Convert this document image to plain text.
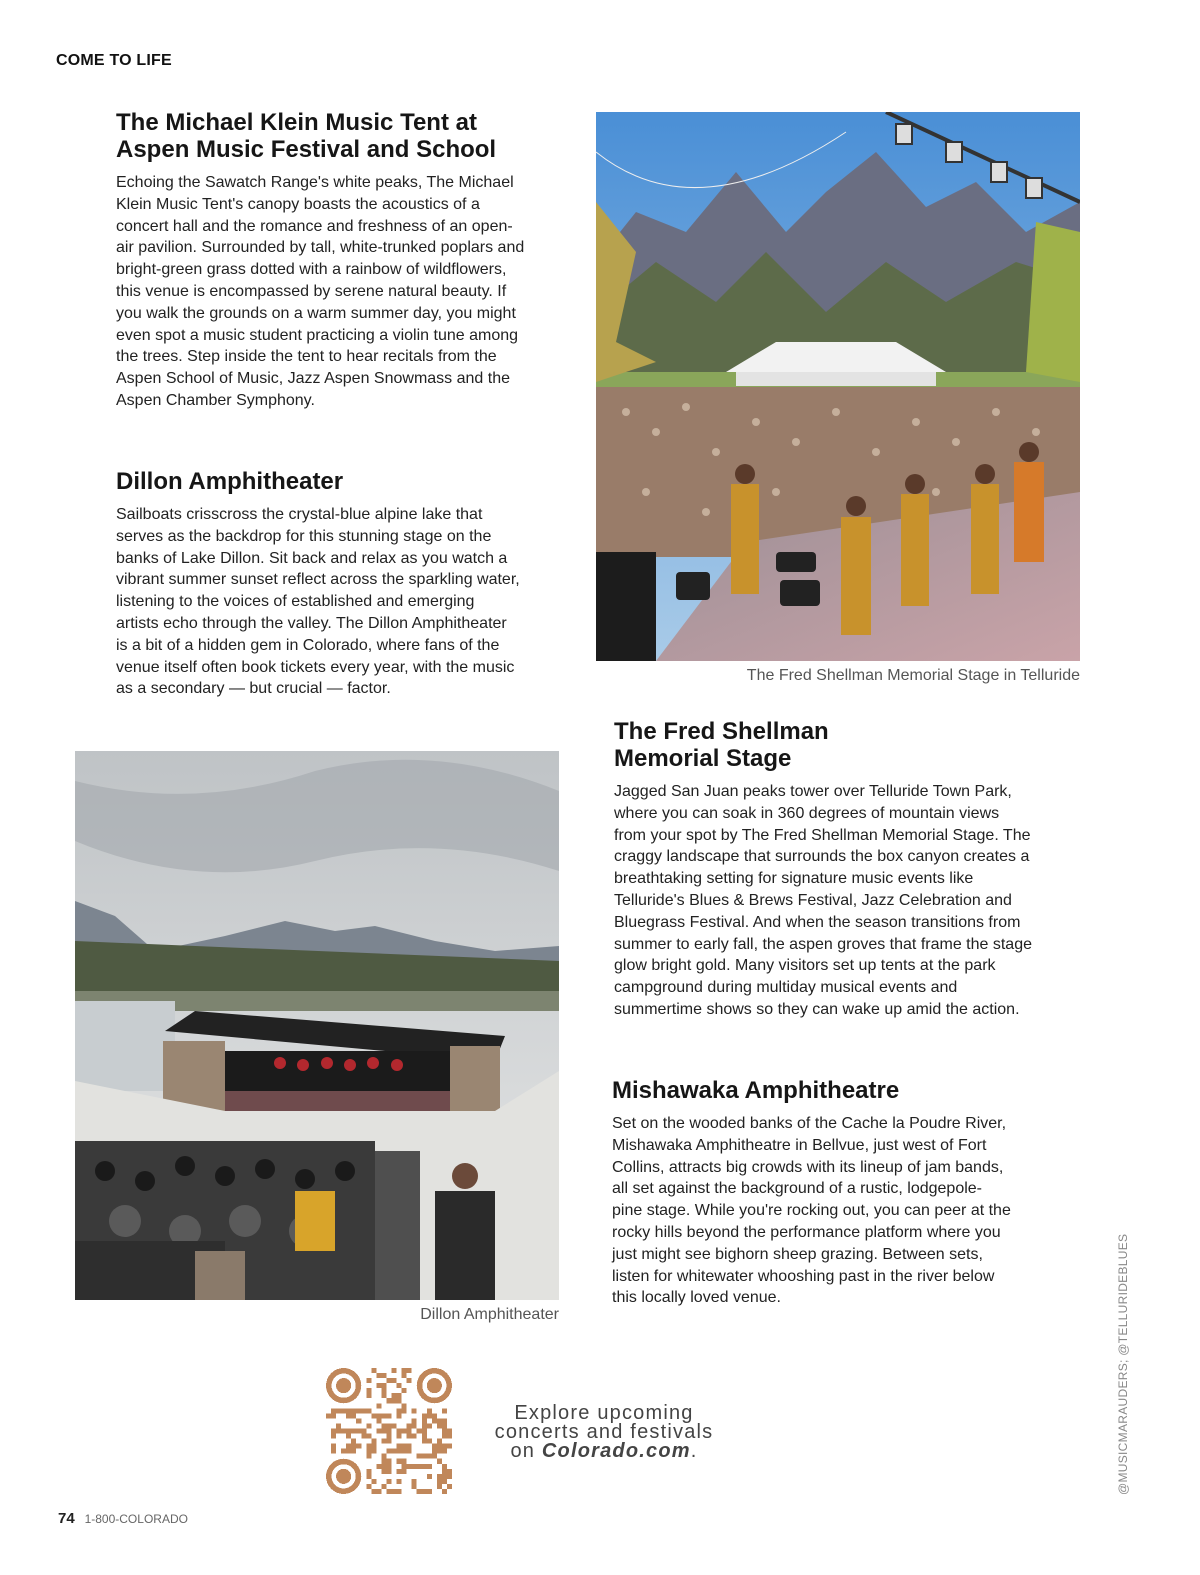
COME TO LIFE
The Michael Klein Music Tent at Aspen Music Festival and School

Echoing the Sawatch Range's white peaks, The Michael Klein Music Tent's canopy boasts the acoustics of a concert hall and the romance and freshness of an open-air pavilion. Surrounded by tall, white-trunked poplars and bright-green grass dotted with a rainbow of wildflowers, this venue is encompassed by serene natural beauty. If you walk the grounds on a warm summer day, you might even spot a music student practicing a violin tune among the trees. Step inside the tent to hear recitals from the Aspen School of Music, Jazz Aspen Snowmass and the Aspen Chamber Symphony.

Dillon Amphitheater

Sailboats crisscross the crystal-blue alpine lake that serves as the backdrop for this stunning stage on the banks of Lake Dillon. Sit back and relax as you watch a vibrant summer sunset reflect across the sparkling water, listening to the voices of established and emerging artists echo through the valley. The Dillon Amphitheater is a bit of a hidden gem in Colorado, where fans of the venue itself often book tickets every year, with the music as a secondary — but crucial — factor.

The Fred Shellman Memorial Stage in Telluride
The Fred Shellman Memorial Stage

Jagged San Juan peaks tower over Telluride Town Park, where you can soak in 360 degrees of mountain views from your spot by The Fred Shellman Memorial Stage. The craggy landscape that surrounds the box canyon creates a breathtaking setting for signature music events like Telluride's Blues & Brews Festival, Jazz Celebration and Bluegrass Festival. And when the season transitions from summer to early fall, the aspen groves that frame the stage glow bright gold. Many visitors set up tents at the park campground during multiday musical events and summertime shows so they can wake up amid the action.

Dillon Amphitheater
Mishawaka Amphitheatre

Set on the wooded banks of the Cache la Poudre River, Mishawaka Amphitheatre in Bellvue, just west of Fort Collins, attracts big crowds with its lineup of jam bands, all set against the background of a rustic, lodgepole-pine stage. While you're rocking out, you can peer at the rocky hills beyond the performance platform where you just might see bighorn sheep grazing. Between sets, listen for whitewater whooshing past in the river below this locally loved venue.

Explore upcoming
concerts and festivals
on Colorado.com.	@MUSICMARAUDERS; @TELLURIDEBLUES
74 1-800-COLORADO
